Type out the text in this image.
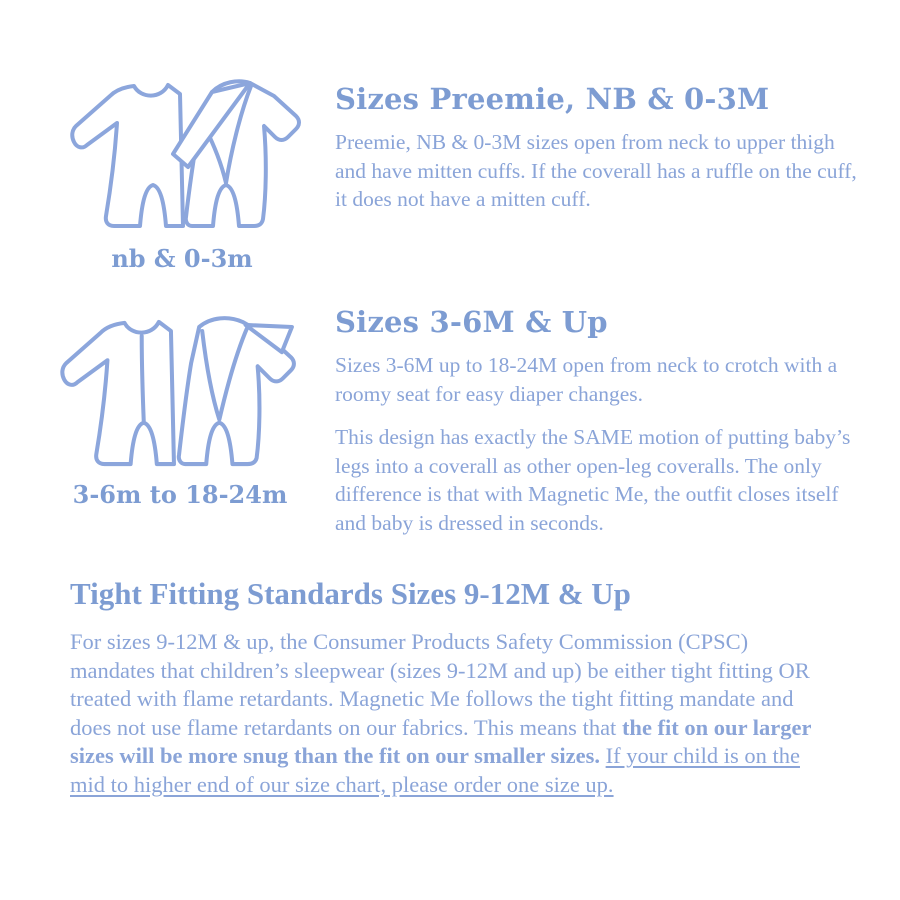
nb & 0-3m
Sizes Preemie, NB & 0-3M

Preemie, NB & 0-3M sizes open from neck to upper thigh and have mitten cuffs. If the coverall has a ruffle on the cuff, it does not have a mitten cuff.

3-6m to 18-24m
Sizes 3-6M & Up

Sizes 3-6M up to 18-24M open from neck to crotch with a roomy seat for easy diaper changes.

This design has exactly the SAME motion of putting baby’s legs into a coverall as other open-leg coveralls. The only difference is that with Magnetic Me, the outfit closes itself and baby is dressed in seconds.

Tight Fitting Standards Sizes 9-12M & Up

For sizes 9-12M & up, the Consumer Products Safety Commission (CPSC) mandates that children’s sleepwear (sizes 9-12M and up) be either tight fitting OR treated with flame retardants. Magnetic Me follows the tight fitting mandate and does not use flame retardants on our fabrics. This means that the fit on our larger sizes will be more snug than the fit on our smaller sizes. If your child is on the mid to higher end of our size chart, please order one size up.
